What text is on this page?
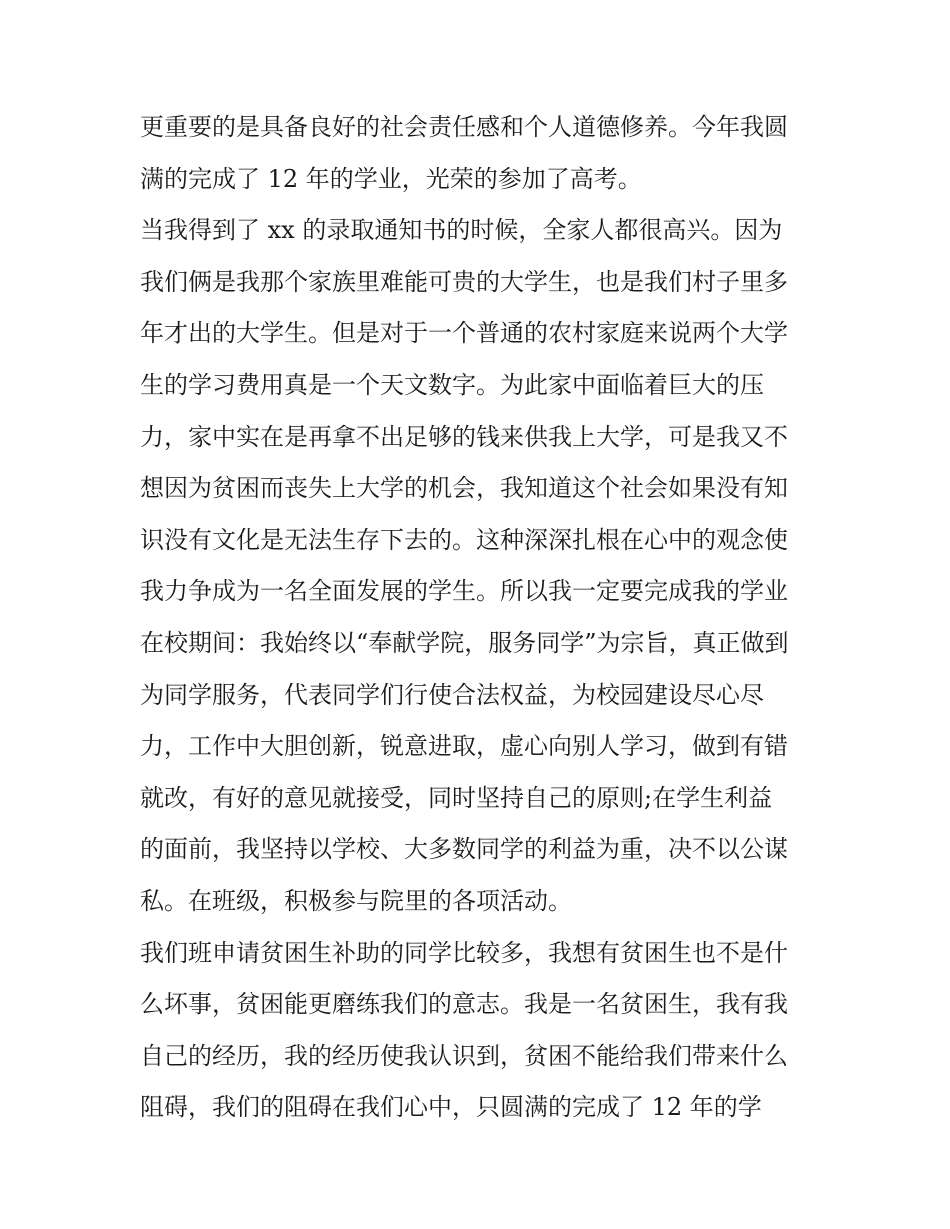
更重要的是具备良好的社会责任感和个人道德修养。今年我圆
满的完成了 12 年的学业，光荣的参加了高考。
当我得到了 xx 的录取通知书的时候，全家人都很高兴。因为
我们俩是我那个家族里难能可贵的大学生，也是我们村子里多
年才出的大学生。但是对于一个普通的农村家庭来说两个大学
生的学习费用真是一个天文数字。为此家中面临着巨大的压
力，家中实在是再拿不出足够的钱来供我上大学，可是我又不
想因为贫困而丧失上大学的机会，我知道这个社会如果没有知
识没有文化是无法生存下去的。这种深深扎根在心中的观念使
我力争成为一名全面发展的学生。所以我一定要完成我的学业
在校期间：我始终以“奉献学院，服务同学”为宗旨，真正做到
为同学服务，代表同学们行使合法权益，为校园建设尽心尽
力，工作中大胆创新，锐意进取，虚心向别人学习，做到有错
就改，有好的意见就接受，同时坚持自己的原则;在学生利益
的面前，我坚持以学校、大多数同学的利益为重，决不以公谋
私。在班级，积极参与院里的各项活动。
我们班申请贫困生补助的同学比较多，我想有贫困生也不是什
么坏事，贫困能更磨练我们的意志。我是一名贫困生，我有我
自己的经历，我的经历使我认识到，贫困不能给我们带来什么
阻碍，我们的阻碍在我们心中，只圆满的完成了 12 年的学
